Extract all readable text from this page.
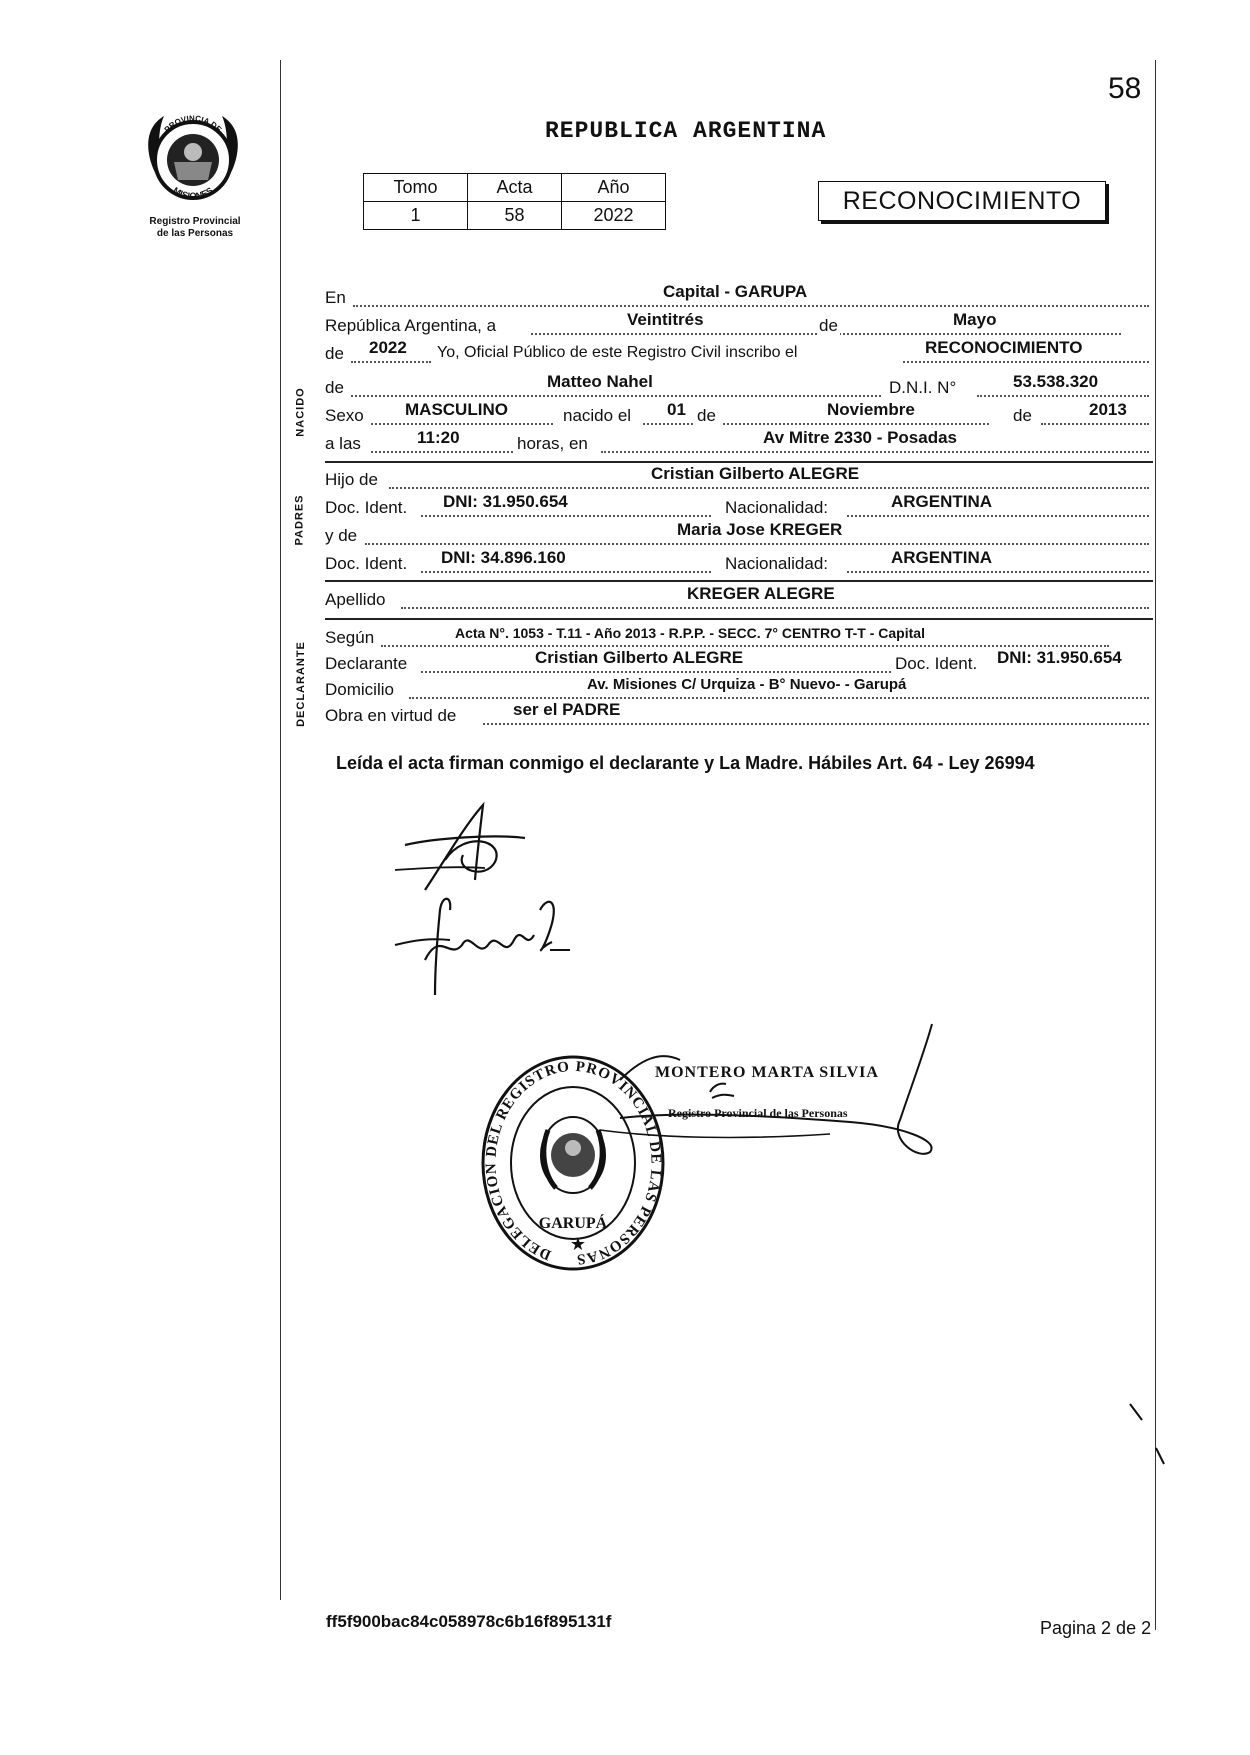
PROVINCIA DE
MISIONES
Registro Provincial
de las Personas
58
REPUBLICA ARGENTINA
Tomo	Acta	Año
1	58	2022	RECONOCIMIENTO
NACIDO
PADRES
DECLARANTE
En	Capital - GARUPA
República Argentina, a	Veintitrés	de	Mayo
de 2022 Yo, Oficial Público de este Registro Civil inscribo el	RECONOCIMIENTO
de	Matteo Nahel	D.N.I. N°	53.538.320
Sexo MASCULINO	nacido el 01 de	Noviembre	de	2013
a las	11:20	horas, en	Av Mitre 2330 - Posadas
Hijo de	Cristian Gilberto ALEGRE
Doc. Ident. DNI: 31.950.654	Nacionalidad:	ARGENTINA
y de	Maria Jose KREGER
Doc. Ident. DNI: 34.896.160	Nacionalidad:	ARGENTINA
Apellido	KREGER ALEGRE
Según	Acta N°. 1053 - T.11 - Año 2013 - R.P.P. - SECC. 7° CENTRO T-T - Capital
Declarante	Cristian Gilberto ALEGRE	Doc. Ident. DNI: 31.950.654
Domicilio	Av. Misiones C/ Urquiza - B° Nuevo- - Garupá
Obra en virtud de	ser el PADRE
Leída el acta firman conmigo el declarante y La Madre. Hábiles Art. 64 - Ley 26994
DELEGACION DEL REGISTRO PROVINCIAL DE LAS PERSONAS
GARUPÁ
★
MONTERO MARTA SILVIA
Registro Provincial de las Personas
ff5f900bac84c058978c6b16f895131f	Pagina 2 de 2
